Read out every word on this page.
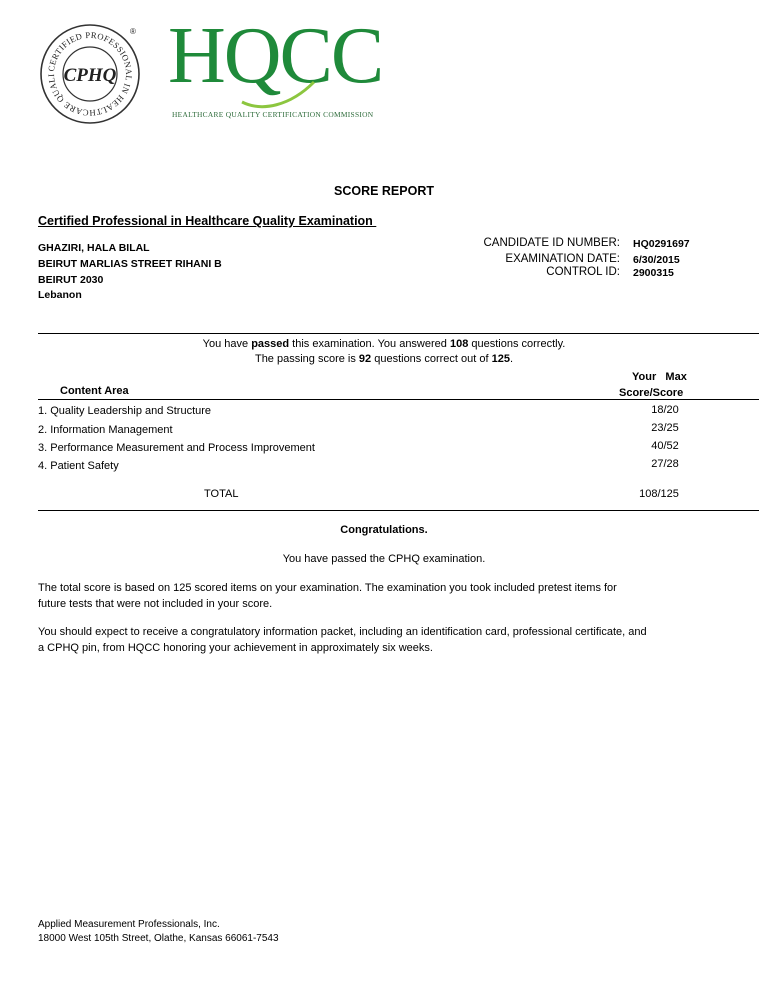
CERTIFIED PROFESSIONAL IN HEALTHCARE QUALI CPHQ
® HQCC
HEALTHCARE QUALITY CERTIFICATION COMMISSION
SCORE REPORT
Certified Professional in Healthcare Quality Examination
GHAZIRI, HALA BILAL
BEIRUT MARLIAS STREET RIHANI B
BEIRUT 2030
Lebanon
CANDIDATE ID NUMBER: HQ0291697
EXAMINATION DATE: 6/30/2015
CONTROL ID: 2900315
You have passed this examination. You answered 108 questions correctly.
The passing score is 92 questions correct out of 125.
Content Area
Your   Max
Score/Score
1. Quality Leadership and Structure	18/20
2. Information Management	23/25
3. Performance Measurement and Process Improvement	40/52
4. Patient Safety	27/28
TOTAL	108/125
Congratulations.
You have passed the CPHQ examination.
The total score is based on 125 scored items on your examination. The examination you took included pretest items for future tests that were not included in your score.
You should expect to receive a congratulatory information packet, including an identification card, professional certificate, and a CPHQ pin, from HQCC honoring your achievement in approximately six weeks.
Applied Measurement Professionals, Inc.
18000 West 105th Street, Olathe, Kansas 66061-7543
